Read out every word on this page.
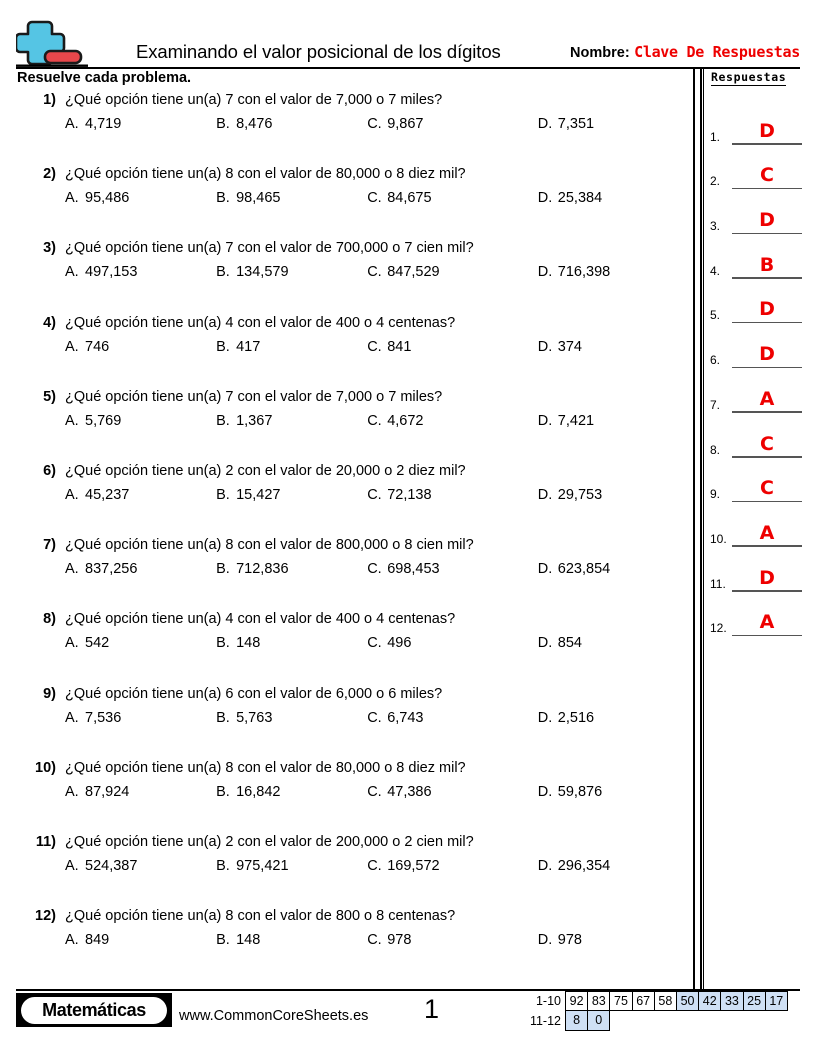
Examinando el valor posicional de los dígitos	Nombre: Clave De Respuestas
Resuelve cada problema.
1) ¿Qué opción tiene un(a) 7 con el valor de 7,000 o 7 miles?
A. 4,719	B. 8,476	C. 9,867	D. 7,351
2) ¿Qué opción tiene un(a) 8 con el valor de 80,000 o 8 diez mil?
A. 95,486	B. 98,465	C. 84,675	D. 25,384
3) ¿Qué opción tiene un(a) 7 con el valor de 700,000 o 7 cien mil?
A. 497,153	B. 134,579	C. 847,529	D. 716,398
4) ¿Qué opción tiene un(a) 4 con el valor de 400 o 4 centenas?
A. 746	B. 417	C. 841	D. 374
5) ¿Qué opción tiene un(a) 7 con el valor de 7,000 o 7 miles?
A. 5,769	B. 1,367	C. 4,672	D. 7,421
6) ¿Qué opción tiene un(a) 2 con el valor de 20,000 o 2 diez mil?
A. 45,237	B. 15,427	C. 72,138	D. 29,753
7) ¿Qué opción tiene un(a) 8 con el valor de 800,000 o 8 cien mil?
A. 837,256	B. 712,836	C. 698,453	D. 623,854
8) ¿Qué opción tiene un(a) 4 con el valor de 400 o 4 centenas?
A. 542	B. 148	C. 496	D. 854
9) ¿Qué opción tiene un(a) 6 con el valor de 6,000 o 6 miles?
A. 7,536	B. 5,763	C. 6,743	D. 2,516
10) ¿Qué opción tiene un(a) 8 con el valor de 80,000 o 8 diez mil?
A. 87,924	B. 16,842	C. 47,386	D. 59,876
11) ¿Qué opción tiene un(a) 2 con el valor de 200,000 o 2 cien mil?
A. 524,387	B. 975,421	C. 169,572	D. 296,354
12) ¿Qué opción tiene un(a) 8 con el valor de 800 o 8 centenas?
A. 849	B. 148	C. 978	D. 978
Respuestas
1.	D
2.	C
3.	D
4.	B
5.	D
6.	D
7.	A
8.	C
9.	C
10.	A
11.	D
12.	A
Matemáticas www.CommonCoreSheets.es 1	1-10 92 83 75 67 58 50 42 33 25 17
11-12 8	0
